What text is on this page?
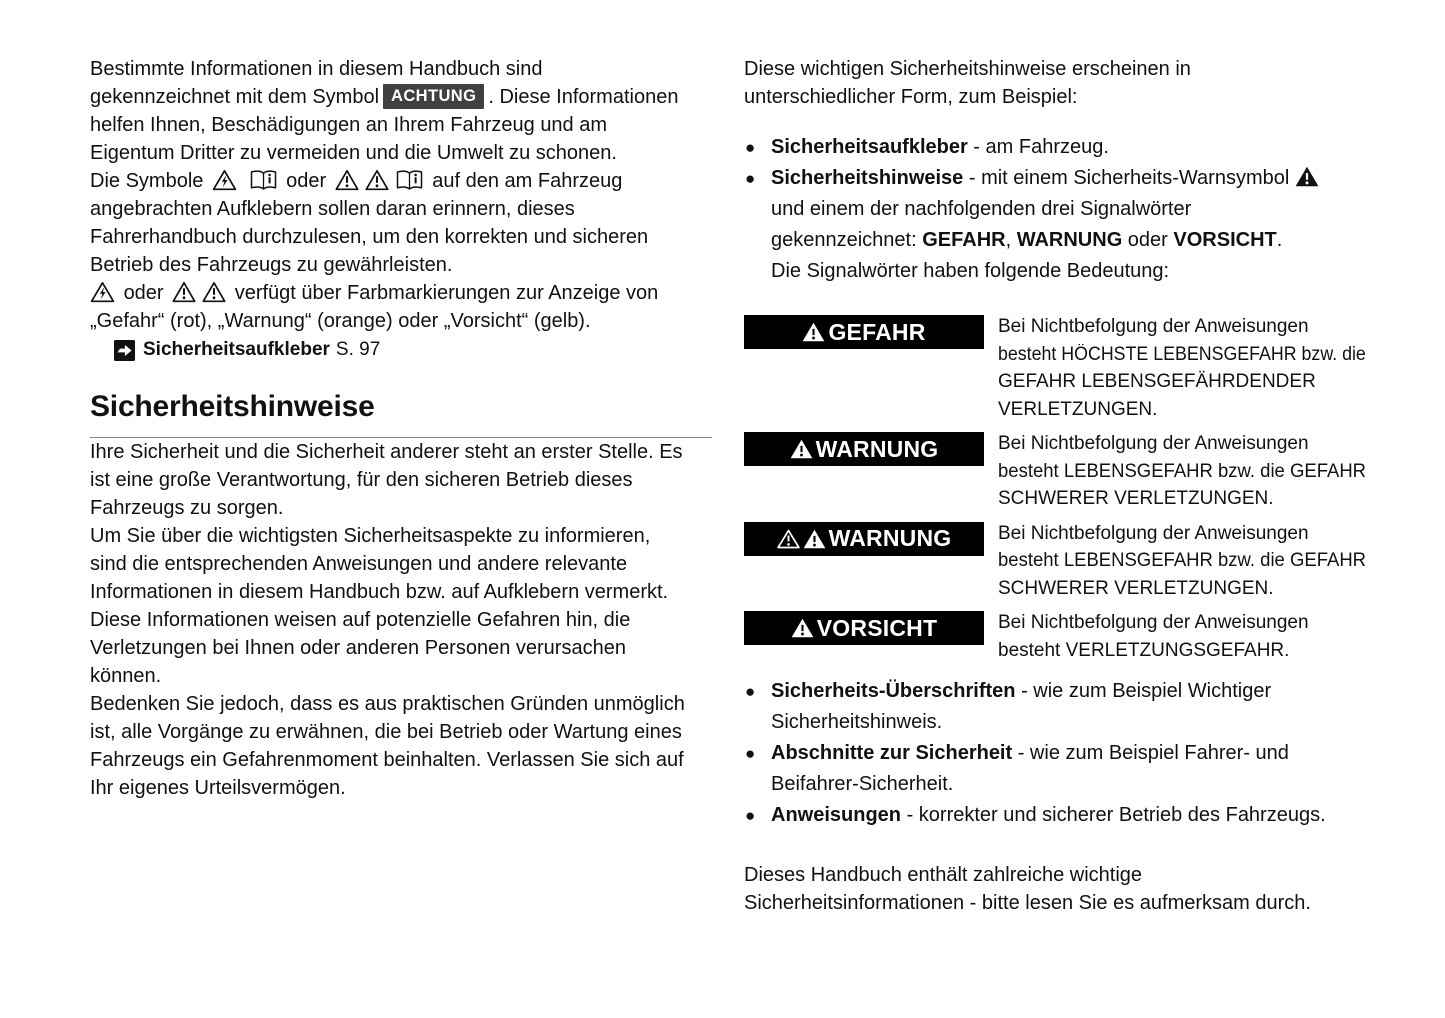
Bestimmte Informationen in diesem Handbuch sind
gekennzeichnet mit dem Symbol ACHTUNG . Diese Informationen
helfen Ihnen, Beschädigungen an Ihrem Fahrzeug und am
Eigentum Dritter zu vermeiden und die Umwelt zu schonen.

Die Symbole
	oder	auf den am Fahrzeug
angebrachten Aufklebern sollen daran erinnern, dieses
Fahrerhandbuch durchzulesen, um den korrekten und sicheren
Betrieb des Fahrzeugs zu gewährleisten.

oder	verfügt über Farbmarkierungen zur Anzeige von
„Gefahr“ (rot), „Warnung“ (orange) oder „Vorsicht“ (gelb).

Sicherheitsaufkleber S. 97
Sicherheitshinweise

Ihre Sicherheit und die Sicherheit anderer steht an erster Stelle. Es
ist eine große Verantwortung, für den sicheren Betrieb dieses
Fahrzeugs zu sorgen.

Um Sie über die wichtigsten Sicherheitsaspekte zu informieren,
sind die entsprechenden Anweisungen und andere relevante
Informationen in diesem Handbuch bzw. auf Aufklebern vermerkt.
Diese Informationen weisen auf potenzielle Gefahren hin, die
Verletzungen bei Ihnen oder anderen Personen verursachen
können.

Bedenken Sie jedoch, dass es aus praktischen Gründen unmöglich
ist, alle Vorgänge zu erwähnen, die bei Betrieb oder Wartung eines
Fahrzeugs ein Gefahrenmoment beinhalten. Verlassen Sie sich auf
Ihr eigenes Urteilsvermögen.

Diese wichtigen Sicherheitshinweise erscheinen in
unterschiedlicher Form, zum Beispiel:

● Sicherheitsaufkleber - am Fahrzeug.
● Sicherheitshinweise - mit einem Sicherheits-Warnsymbol
und einem der nachfolgenden drei Signalwörter
gekennzeichnet: GEFAHR, WARNUNG oder VORSICHT.
Die Signalwörter haben folgende Bedeutung:
GEFAHR	Bei Nichtbefolgung der Anweisungen
besteht HÖCHSTE LEBENSGEFAHR bzw. die
GEFAHR LEBENSGEFÄHRDENDER
VERLETZUNGEN.
WARNUNG	Bei Nichtbefolgung der Anweisungen
besteht LEBENSGEFAHR bzw. die GEFAHR
SCHWERER VERLETZUNGEN.
WARNUNG Bei Nichtbefolgung der Anweisungen
besteht LEBENSGEFAHR bzw. die GEFAHR
SCHWERER VERLETZUNGEN.
VORSICHT	Bei Nichtbefolgung der Anweisungen
besteht VERLETZUNGSGEFAHR.
● Sicherheits-Überschriften - wie zum Beispiel Wichtiger
Sicherheitshinweis.
● Abschnitte zur Sicherheit - wie zum Beispiel Fahrer- und
Beifahrer-Sicherheit.
● Anweisungen - korrekter und sicherer Betrieb des Fahrzeugs.

Dieses Handbuch enthält zahlreiche wichtige
Sicherheitsinformationen - bitte lesen Sie es aufmerksam durch.
